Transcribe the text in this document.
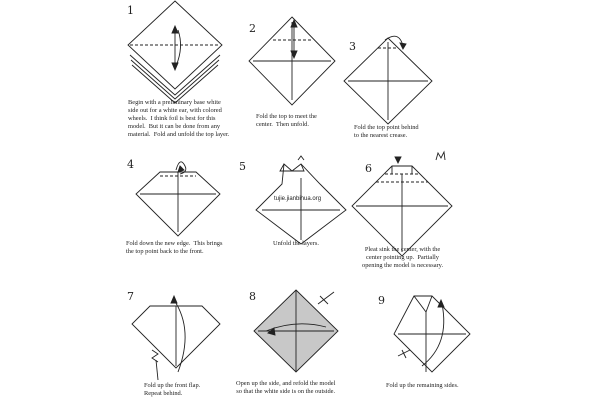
1
2
3
4	5	6
7	8	9
tujie.jianbihua.org
Begin with a preliminary base white
side out for a white ear, with colored
wheels.  I think foil is best for this
model.  But it can be done from any
material.  Fold and unfold the top layer.
Fold the top to meet the
center.  Then unfold.	Fold the top point behind
to the nearest crease.
Fold down the new edge.  This brings
the top point back to the front.
Unfold the layers.
Pleat sink the center, with the
center pointing up.  Partially
opening the model is necessary.
Fold up the front flap.
Repeat behind.
Open up the side, and refold the model
so that the white side is on the outside.
Fold up the remaining sides.
